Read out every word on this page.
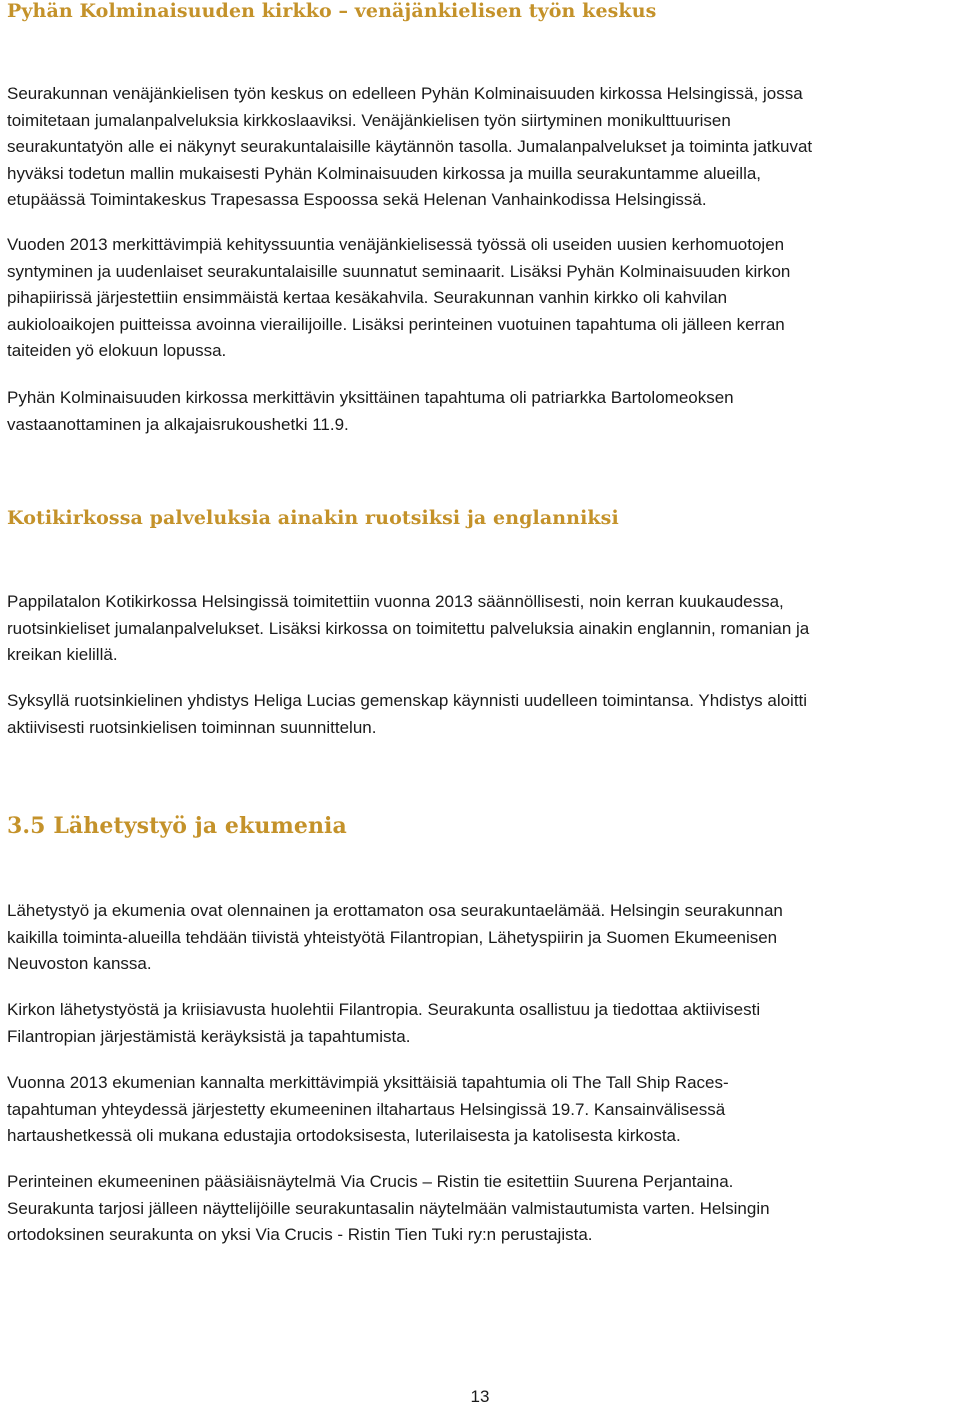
Pyhän Kolminaisuuden kirkko – venäjänkielisen työn keskus

Seurakunnan venäjänkielisen työn keskus on edelleen Pyhän Kolminaisuuden kirkossa Helsingissä, jossa
toimitetaan jumalanpalveluksia kirkkoslaaviksi. Venäjänkielisen työn siirtyminen monikulttuurisen
seurakuntatyön alle ei näkynyt seurakuntalaisille käytännön tasolla. Jumalanpalvelukset ja toiminta jatkuvat
hyväksi todetun mallin mukaisesti Pyhän Kolminaisuuden kirkossa ja muilla seurakuntamme alueilla,
etupäässä Toimintakeskus Trapesassa Espoossa sekä Helenan Vanhainkodissa Helsingissä.

Vuoden 2013 merkittävimpiä kehityssuuntia venäjänkielisessä työssä oli useiden uusien kerhomuotojen
syntyminen ja uudenlaiset seurakuntalaisille suunnatut seminaarit. Lisäksi Pyhän Kolminaisuuden kirkon
pihapiirissä järjestettiin ensimmäistä kertaa kesäkahvila. Seurakunnan vanhin kirkko oli kahvilan
aukioloaikojen puitteissa avoinna vierailijoille. Lisäksi perinteinen vuotuinen tapahtuma oli jälleen kerran
taiteiden yö elokuun lopussa.

Pyhän Kolminaisuuden kirkossa merkittävin yksittäinen tapahtuma oli patriarkka Bartolomeoksen
vastaanottaminen ja alkajaisrukoushetki 11.9.

Kotikirkossa palveluksia ainakin ruotsiksi ja englanniksi

Pappilatalon Kotikirkossa Helsingissä toimitettiin vuonna 2013 säännöllisesti, noin kerran kuukaudessa,
ruotsinkieliset jumalanpalvelukset. Lisäksi kirkossa on toimitettu palveluksia ainakin englannin, romanian ja
kreikan kielillä.

Syksyllä ruotsinkielinen yhdistys Heliga Lucias gemenskap käynnisti uudelleen toimintansa. Yhdistys aloitti
aktiivisesti ruotsinkielisen toiminnan suunnittelun.

3.5 Lähetystyö ja ekumenia

Lähetystyö ja ekumenia ovat olennainen ja erottamaton osa seurakuntaelämää. Helsingin seurakunnan
kaikilla toiminta-alueilla tehdään tiivistä yhteistyötä Filantropian, Lähetyspiirin ja Suomen Ekumeenisen
Neuvoston kanssa.

Kirkon lähetystyöstä ja kriisiavusta huolehtii Filantropia. Seurakunta osallistuu ja tiedottaa aktiivisesti
Filantropian järjestämistä keräyksistä ja tapahtumista.

Vuonna 2013 ekumenian kannalta merkittävimpiä yksittäisiä tapahtumia oli The Tall Ship Races-
tapahtuman yhteydessä järjestetty ekumeeninen iltahartaus Helsingissä 19.7. Kansainvälisessä
hartaushetkessä oli mukana edustajia ortodoksisesta, luterilaisesta ja katolisesta kirkosta.

Perinteinen ekumeeninen pääsiäisnäytelmä Via Crucis – Ristin tie esitettiin Suurena Perjantaina.
Seurakunta tarjosi jälleen näyttelijöille seurakuntasalin näytelmään valmistautumista varten. Helsingin
ortodoksinen seurakunta on yksi Via Crucis - Ristin Tien Tuki ry:n perustajista.

13
